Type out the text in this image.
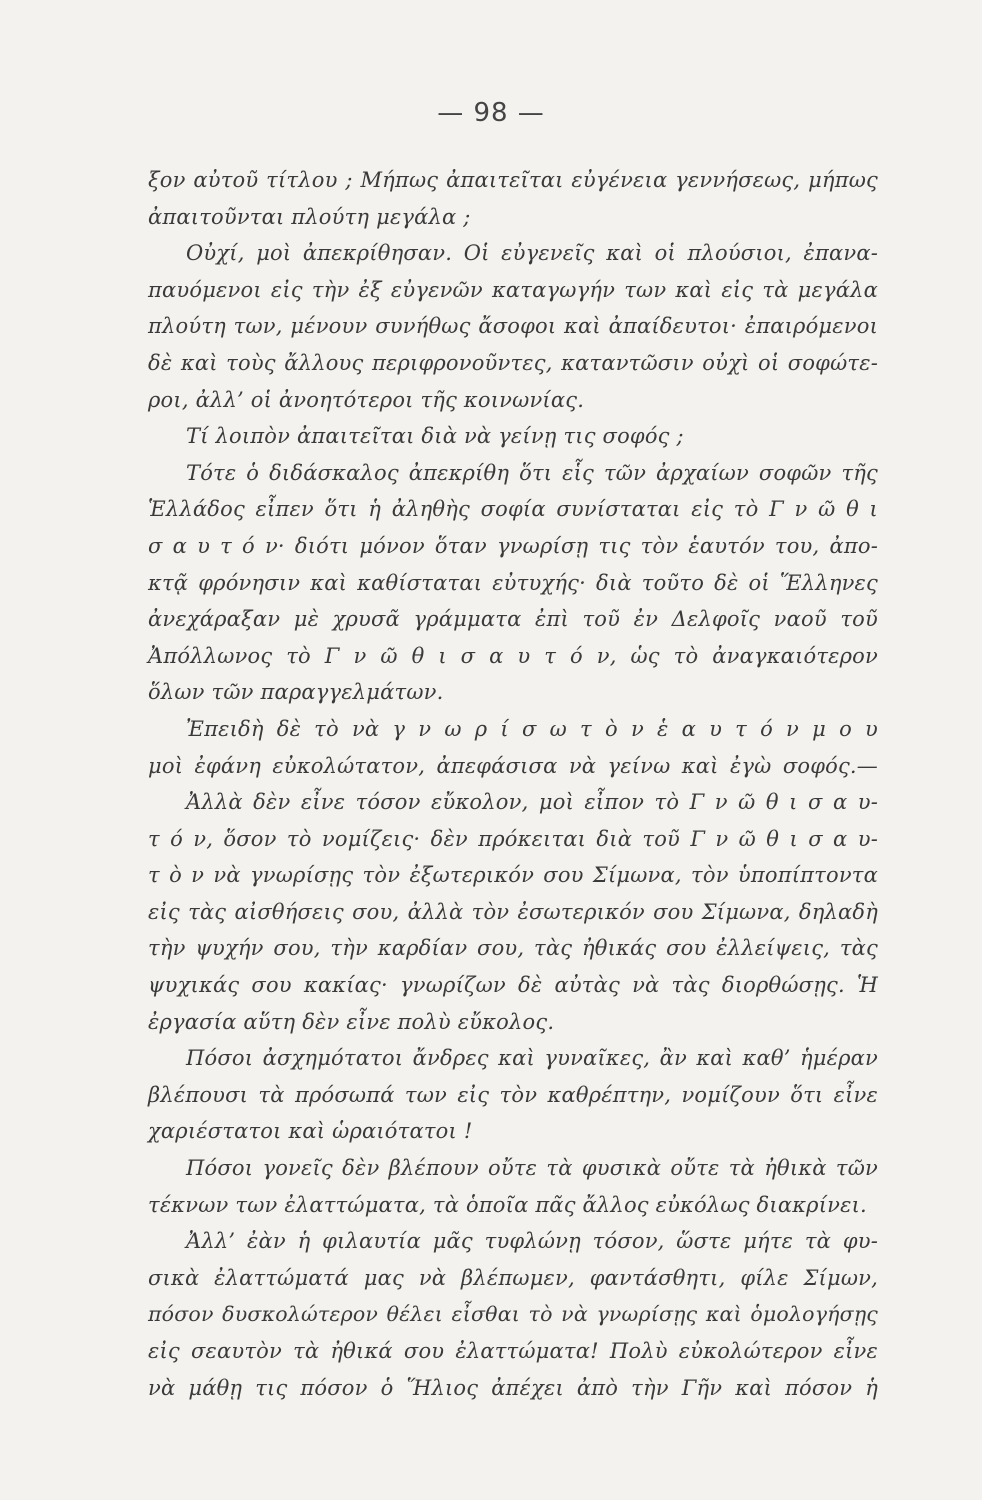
— 98 —
ξον αὐτοῦ τίτλου ; Μήπως ἀπαιτεῖται εὐγένεια γεννήσεως, μήπως
ἀπαιτοῦνται πλούτη μεγάλα ;
Οὐχί, μοὶ ἀπεκρίθησαν. Οἱ εὐγενεῖς καὶ οἱ πλούσιοι, ἐπανα-
παυόμενοι εἰς τὴν ἐξ εὐγενῶν καταγωγήν των καὶ εἰς τὰ μεγάλα
πλούτη των, μένουν συνήθως ἄσοφοι καὶ ἀπαίδευτοι· ἐπαιρόμενοι
δὲ καὶ τοὺς ἄλλους περιφρονοῦντες, καταντῶσιν οὐχὶ οἱ σοφώτε-
ροι, ἀλλ’ οἱ ἀνοητότεροι τῆς κοινωνίας.
Τί λοιπὸν ἀπαιτεῖται διὰ νὰ γείνῃ τις σοφός ;
Τότε ὁ διδάσκαλος ἀπεκρίθη ὅτι εἷς τῶν ἀρχαίων σοφῶν τῆς
Ἑλλάδος εἶπεν ὅτι ἡ ἀληθὴς σοφία συνίσταται εἰς τὸ Γ ν ῶ θ ι
σ α υ τ ό ν· διότι μόνον ὅταν γνωρίσῃ τις τὸν ἑαυτόν του, ἀπο-
κτᾷ φρόνησιν καὶ καθίσταται εὐτυχής· διὰ τοῦτο δὲ οἱ Ἕλληνες
ἀνεχάραξαν μὲ χρυσᾶ γράμματα ἐπὶ τοῦ ἐν Δελφοῖς ναοῦ τοῦ
Ἀπόλλωνος τὸ Γ ν ῶ θ ι σ α υ τ ό ν, ὡς τὸ ἀναγκαιότερον
ὅλων τῶν παραγγελμάτων.
Ἐπειδὴ δὲ τὸ νὰ γ ν ω ρ ί σ ω τ ὸ ν ἑ α υ τ ό ν μ ο υ
μοὶ ἐφάνη εὐκολώτατον, ἀπεφάσισα νὰ γείνω καὶ ἐγὼ σοφός.—
Ἀλλὰ δὲν εἶνε τόσον εὔκολον, μοὶ εἶπον τὸ Γ ν ῶ θ ι σ α υ-
τ ό ν, ὅσον τὸ νομίζεις· δὲν πρόκειται διὰ τοῦ Γ ν ῶ θ ι σ α υ-
τ ὸ ν νὰ γνωρίσῃς τὸν ἐξωτερικόν σου Σίμωνα, τὸν ὑποπίπτοντα
εἰς τὰς αἰσθήσεις σου, ἀλλὰ τὸν ἐσωτερικόν σου Σίμωνα, δηλαδὴ
τὴν ψυχήν σου, τὴν καρδίαν σου, τὰς ἠθικάς σου ἐλλείψεις, τὰς
ψυχικάς σου κακίας· γνωρίζων δὲ αὐτὰς νὰ τὰς διορθώσῃς. Ἡ
ἐργασία αὕτη δὲν εἶνε πολὺ εὔκολος.
Πόσοι ἀσχημότατοι ἄνδρες καὶ γυναῖκες, ἂν καὶ καθ’ ἡμέραν
βλέπουσι τὰ πρόσωπά των εἰς τὸν καθρέπτην, νομίζουν ὅτι εἶνε
χαριέστατοι καὶ ὡραιότατοι !
Πόσοι γονεῖς δὲν βλέπουν οὔτε τὰ φυσικὰ οὔτε τὰ ἠθικὰ τῶν
τέκνων των ἐλαττώματα, τὰ ὁποῖα πᾶς ἄλλος εὐκόλως διακρίνει.
Ἀλλ’ ἐὰν ἡ φιλαυτία μᾶς τυφλώνῃ τόσον, ὥστε μήτε τὰ φυ-
σικὰ ἐλαττώματά μας νὰ βλέπωμεν, φαντάσθητι, φίλε Σίμων,
πόσον δυσκολώτερον θέλει εἶσθαι τὸ νὰ γνωρίσῃς καὶ ὁμολογήσῃς
εἰς σεαυτὸν τὰ ἠθικά σου ἐλαττώματα! Πολὺ εὐκολώτερον εἶνε
νὰ μάθῃ τις πόσον ὁ Ἥλιος ἀπέχει ἀπὸ τὴν Γῆν καὶ πόσον ἡ
